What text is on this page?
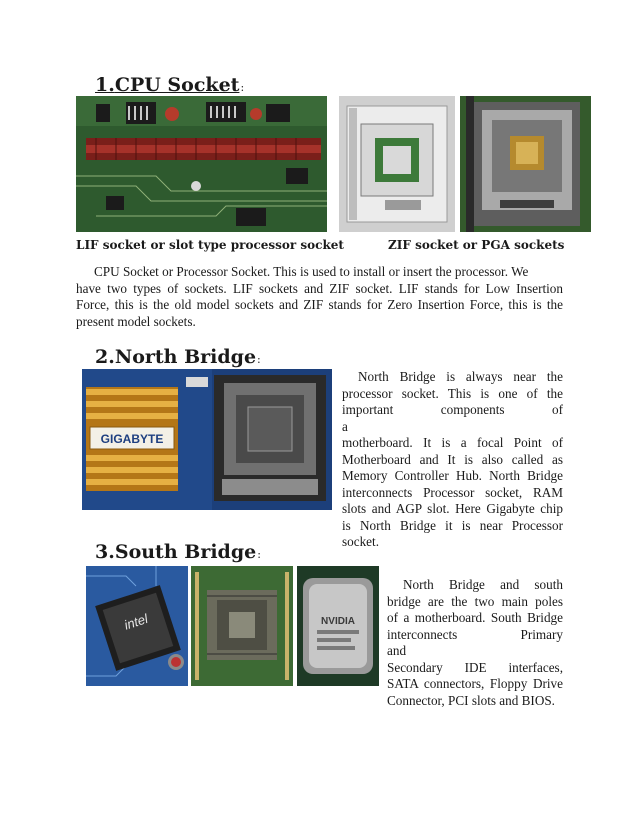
1.CPU Socket:
LIF socket or slot type processor socket	ZIF socket or PGA sockets
CPU Socket or Processor Socket. This is used to install or insert the processor. We
have two types of sockets. LIF sockets and ZIF socket. LIF stands for Low Insertion
Force, this is the old model sockets and ZIF stands for Zero Insertion Force, this is the
present model sockets.
2.North Bridge:
GIGABYTE
North Bridge is always near the
processor socket. This is one of the
important components of a
motherboard. It is a focal Point of
Motherboard and It is also called as
Memory Controller Hub. North Bridge
interconnects Processor socket, RAM
slots and AGP slot. Here Gigabyte chip
is North Bridge it is near Processor
socket.
3.South Bridge:
intel	NVIDIA
North Bridge and south
bridge are the two main poles
of a motherboard. South Bridge
interconnects Primary and
Secondary IDE interfaces,
SATA connectors, Floppy Drive
Connector, PCI slots and BIOS.
